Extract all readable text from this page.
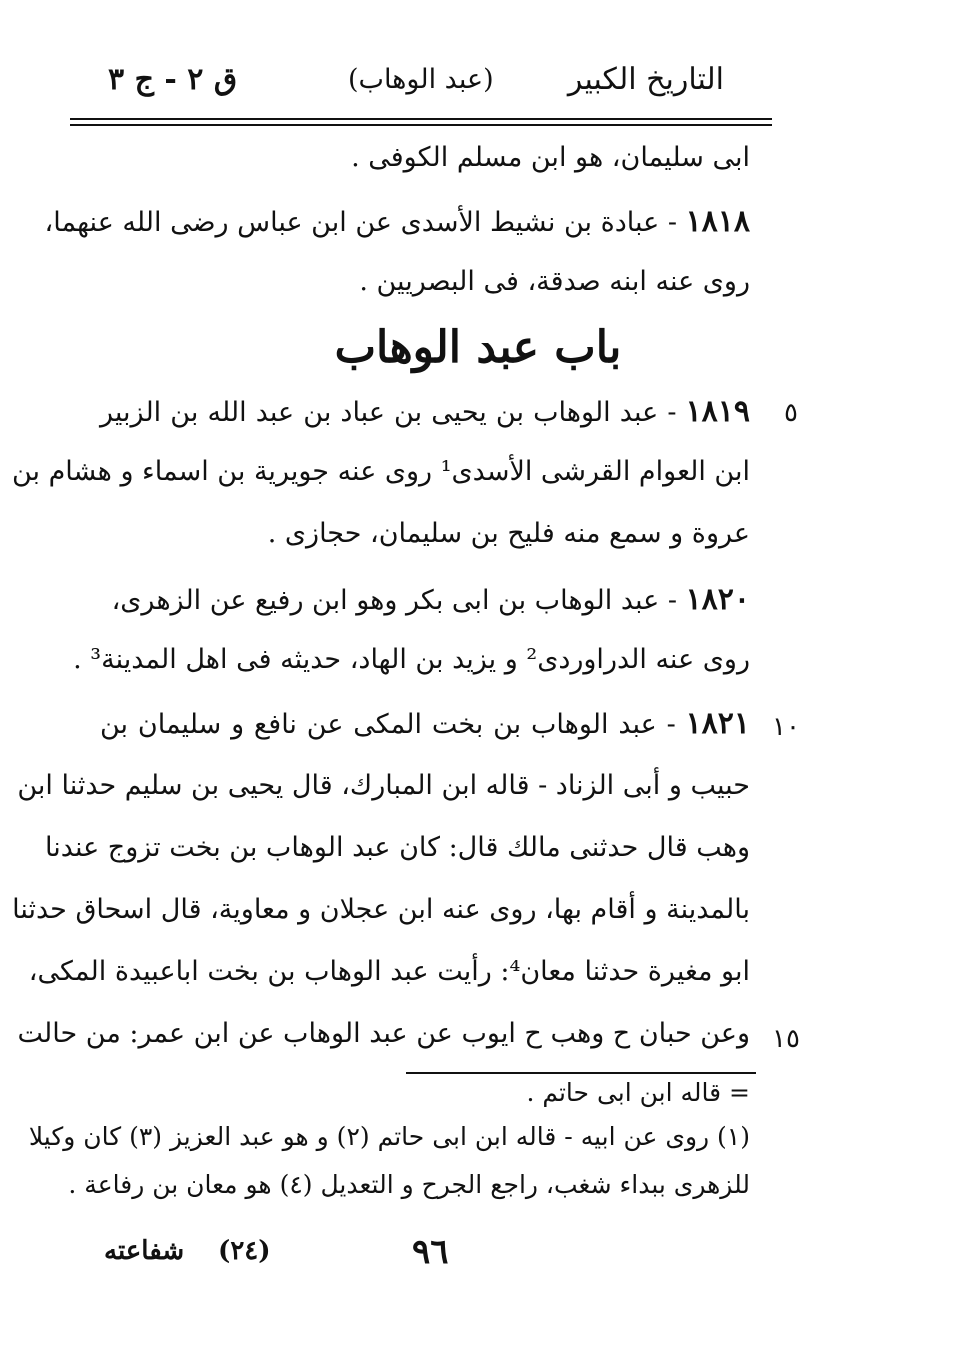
التاريخ الكبير
(عبد الوهاب)
ق ٢ - ج ٣
ابى سليمان، هو ابن مسلم الكوفى .
١٨١٨ - عبادة بن نشيط الأسدى عن ابن عباس رضى الله عنهما،
روى عنه ابنه صدقة، فى البصريين .
باب عبد الوهاب
١٨١٩ - عبد الوهاب بن يحيى بن عباد بن عبد الله بن الزبير	٥
ابن العوام القرشى الأسدى¹ روى عنه جويرية بن اسماء و هشام بن
عروة و سمع منه فليح بن سليمان، حجازى .
١٨٢٠ - عبد الوهاب بن ابى بكر وهو ابن رفيع عن الزهرى،
روى عنه الدراوردى² و يزيد بن الهاد، حديثه فى اهل المدينة³ .
١٨٢١ - عبد الوهاب بن بخت المكى عن نافع و سليمان بن	١٠
حبيب و أبى الزناد - قاله ابن المبارك، قال يحيى بن سليم حدثنا ابن
وهب قال حدثنى مالك قال: كان عبد الوهاب بن بخت تزوج عندنا
بالمدينة و أقام بها، روى عنه ابن عجلان و معاوية، قال اسحاق حدثنا
ابو مغيرة حدثنا معان⁴: رأيت عبد الوهاب بن بخت اباعبيدة المكى،
وعن حبان ح وهب ح ايوب عن عبد الوهاب عن ابن عمر: من حالت ١٥
= قاله ابن ابى حاتم .
(١) روى عن ابيه - قاله ابن ابى حاتم (٢) و هو عبد العزيز (٣) كان وكيلا
للزهرى ببداء شغب، راجع الجرح و التعديل (٤) هو معان بن رفاعة .
شفاعته (٢٤)	٩٦
